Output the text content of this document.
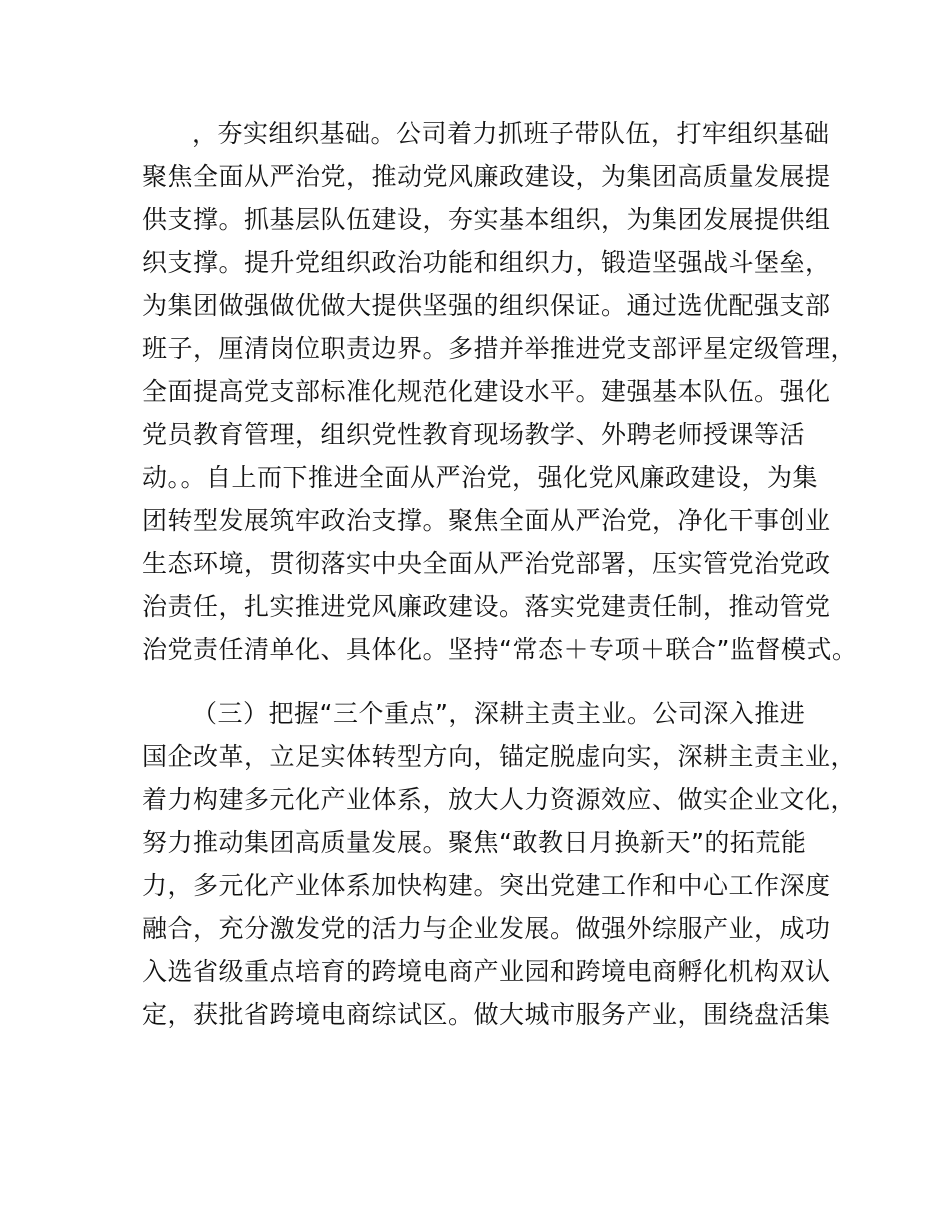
，夯实组织基础。公司着力抓班子带队伍，打牢组织基础
聚焦全面从严治党，推动党风廉政建设，为集团高质量发展提
供支撑。抓基层队伍建设，夯实基本组织，为集团发展提供组
织支撑。提升党组织政治功能和组织力，锻造坚强战斗堡垒，
为集团做强做优做大提供坚强的组织保证。通过选优配强支部
班子，厘清岗位职责边界。多措并举推进党支部评星定级管理，
全面提高党支部标准化规范化建设水平。建强基本队伍。强化
党员教育管理，组织党性教育现场教学、外聘老师授课等活
动。。自上而下推进全面从严治党，强化党风廉政建设，为集
团转型发展筑牢政治支撑。聚焦全面从严治党，净化干事创业
生态环境，贯彻落实中央全面从严治党部署，压实管党治党政
治责任，扎实推进党风廉政建设。落实党建责任制，推动管党
治党责任清单化、具体化。坚持“常态＋专项＋联合”监督模式。
（三）把握“三个重点”，深耕主责主业。公司深入推进
国企改革，立足实体转型方向，锚定脱虚向实，深耕主责主业，
着力构建多元化产业体系，放大人力资源效应、做实企业文化，
努力推动集团高质量发展。聚焦“敢教日月换新天”的拓荒能
力，多元化产业体系加快构建。突出党建工作和中心工作深度
融合，充分激发党的活力与企业发展。做强外综服产业，成功
入选省级重点培育的跨境电商产业园和跨境电商孵化机构双认
定，获批省跨境电商综试区。做大城市服务产业，围绕盘活集
